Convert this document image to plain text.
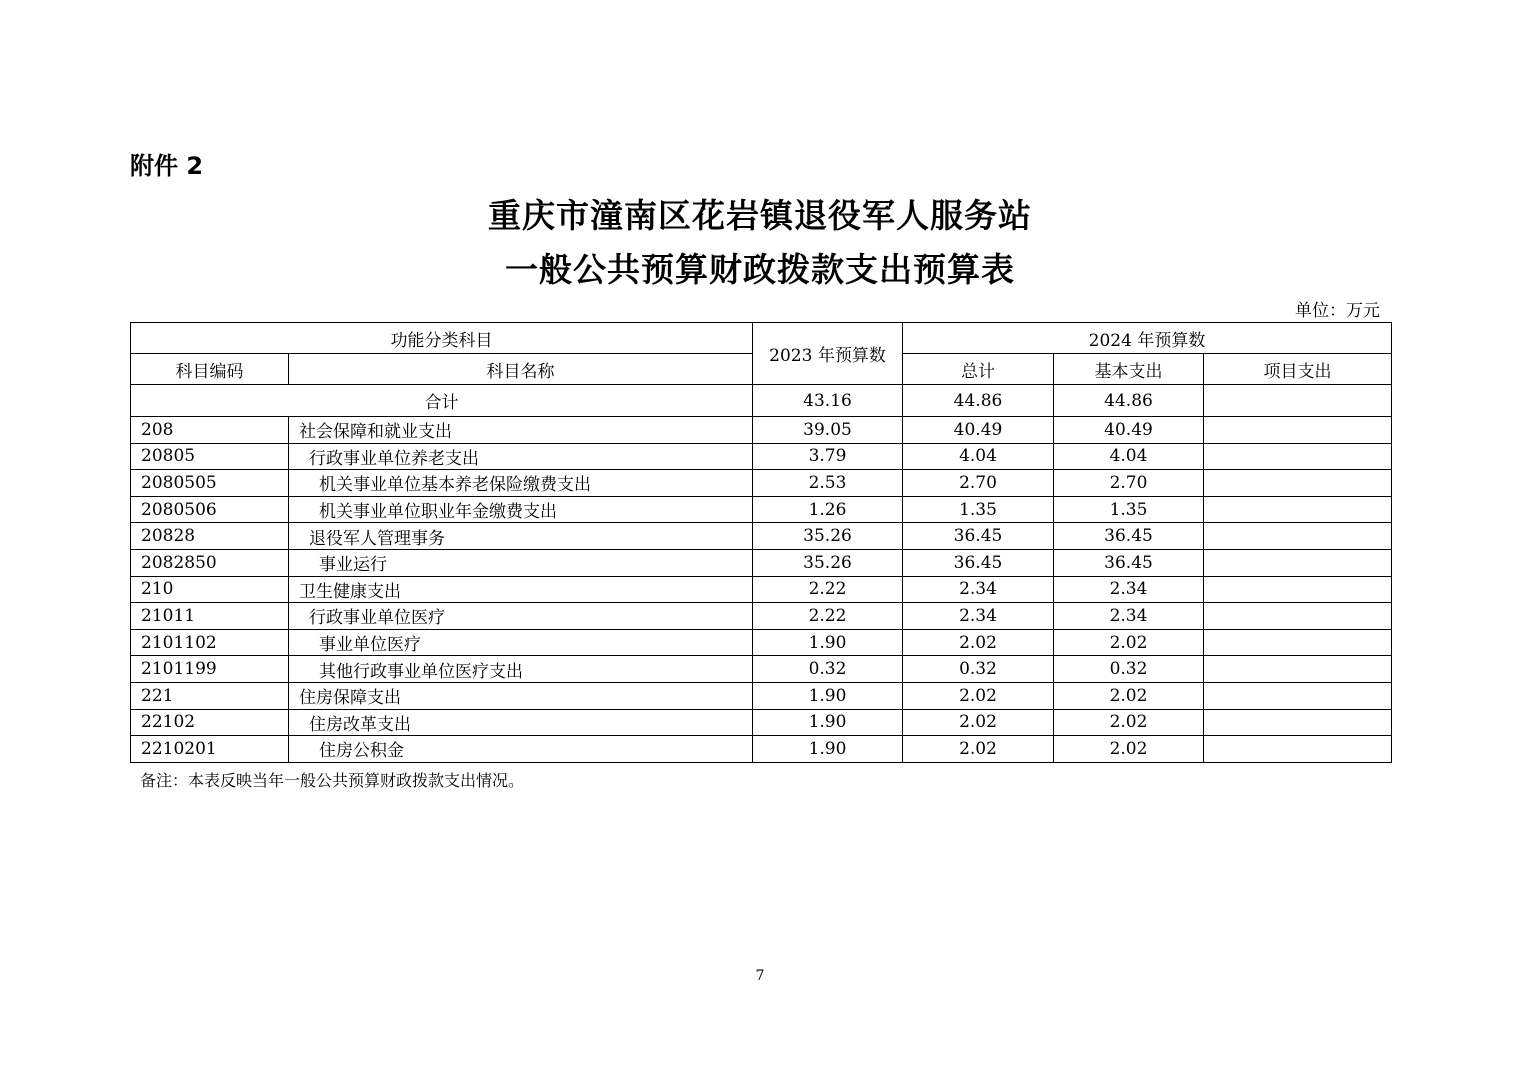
附件 2
重庆市潼南区花岩镇退役军人服务站
一般公共预算财政拨款支出预算表
单位：万元
功能分类科目		2023 年预算数	2024 年预算数		
科目编码	科目名称		总计	基本支出	项目支出
合计		43.16	44.86	44.86	
208	社会保障和就业支出	39.05	40.49	40.49	
20805	行政事业单位养老支出	3.79	4.04	4.04	
2080505	机关事业单位基本养老保险缴费支出	2.53	2.70	2.70	
2080506	机关事业单位职业年金缴费支出	1.26	1.35	1.35	
20828	退役军人管理事务	35.26	36.45	36.45	
2082850	事业运行	35.26	36.45	36.45	
210	卫生健康支出	2.22	2.34	2.34	
21011	行政事业单位医疗	2.22	2.34	2.34	
2101102	事业单位医疗	1.90	2.02	2.02	
2101199	其他行政事业单位医疗支出	0.32	0.32	0.32	
221	住房保障支出	1.90	2.02	2.02	
22102	住房改革支出	1.90	2.02	2.02	
2210201	住房公积金	1.90	2.02	2.02	
备注：本表反映当年一般公共预算财政拨款支出情况。
7
